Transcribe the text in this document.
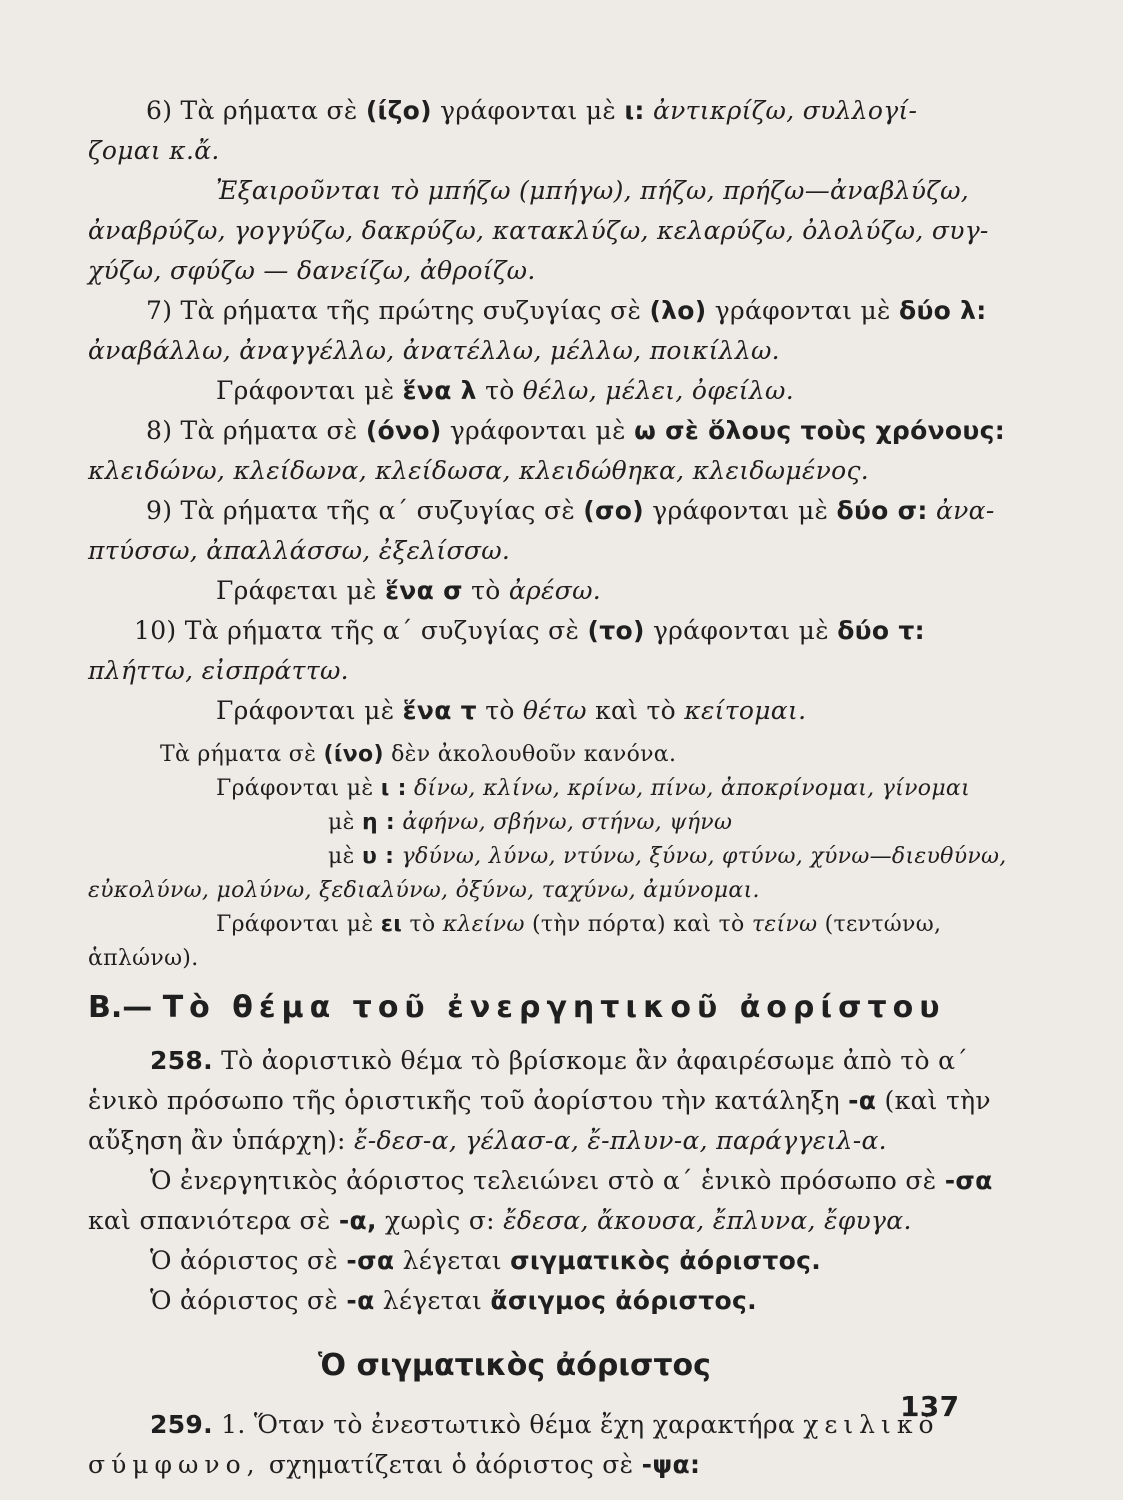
6) Τὰ ρήματα σὲ (ίζο) γράφονται μὲ ι: ἀντικρίζω, συλλογί-
ζομαι κ.ἄ.
Ἐξαιροῦνται τὸ μπήζω (μπήγω), πήζω, πρήζω—ἀναβλύζω,
ἀναβρύζω, γογγύζω, δακρύζω, κατακλύζω, κελαρύζω, ὀλολύζω, συγ-
χύζω, σφύζω — δανείζω, ἀθροίζω.
7) Τὰ ρήματα τῆς πρώτης συζυγίας σὲ (λο) γράφονται μὲ δύο λ:
ἀναβάλλω, ἀναγγέλλω, ἀνατέλλω, μέλλω, ποικίλλω.
Γράφονται μὲ ἕνα λ τὸ θέλω, μέλει, ὀφείλω.
8) Τὰ ρήματα σὲ (όνο) γράφονται μὲ ω σὲ ὅλους τοὺς χρόνους:
κλειδώνω, κλείδωνα, κλείδωσα, κλειδώθηκα, κλειδωμένος.
9) Τὰ ρήματα τῆς α΄ συζυγίας σὲ (σο) γράφονται μὲ δύο σ: ἀνα-
πτύσσω, ἀπαλλάσσω, ἐξελίσσω.
Γράφεται μὲ ἕνα σ τὸ ἀρέσω.
10) Τὰ ρήματα τῆς α΄ συζυγίας σὲ (το) γράφονται μὲ δύο τ:
πλήττω, εἰσπράττω.
Γράφονται μὲ ἕνα τ τὸ θέτω καὶ τὸ κείτομαι.
Τὰ ρήματα σὲ (ίνο) δὲν ἀκολουθοῦν κανόνα.
Γράφονται μὲ ι : δίνω, κλίνω, κρίνω, πίνω, ἀποκρίνομαι, γίνομαι
μὲ η : ἀφήνω, σβήνω, στήνω, ψήνω
μὲ υ : γδύνω, λύνω, ντύνω, ξύνω, φτύνω, χύνω—διευθύνω,
εὐκολύνω, μολύνω, ξεδιαλύνω, ὀξύνω, ταχύνω, ἀμύνομαι.
Γράφονται μὲ ει τὸ κλείνω (τὴν πόρτα) καὶ τὸ τείνω (τεντώνω,
ἁπλώνω).
Β.— Τὸ θέμα τοῦ ἐνεργητικοῦ ἀορίστου
258. Τὸ ἀοριστικὸ θέμα τὸ βρίσκομε ἂν ἀφαιρέσωμε ἀπὸ τὸ α΄
ἑνικὸ πρόσωπο τῆς ὁριστικῆς τοῦ ἀορίστου τὴν κατάληξη -α (καὶ τὴν
αὔξηση ἂν ὑπάρχη): ἔ-δεσ-α, γέλασ-α, ἔ-πλυν-α, παράγγειλ-α.
Ὁ ἐνεργητικὸς ἀόριστος τελειώνει στὸ α΄ ἑνικὸ πρόσωπο σὲ -σα
καὶ σπανιότερα σὲ -α, χωρὶς σ: ἔδεσα, ἄκουσα, ἔπλυνα, ἔφυγα.
Ὁ ἀόριστος σὲ -σα λέγεται σιγματικὸς ἀόριστος.
Ὁ ἀόριστος σὲ -α λέγεται ἄσιγμος ἀόριστος.
Ὁ σιγματικὸς ἀόριστος
259. 1. Ὅταν τὸ ἐνεστωτικὸ θέμα ἔχη χαρακτήρα χειλικὸ
σύμφωνο, σχηματίζεται ὁ ἀόριστος σὲ -ψα:
137
